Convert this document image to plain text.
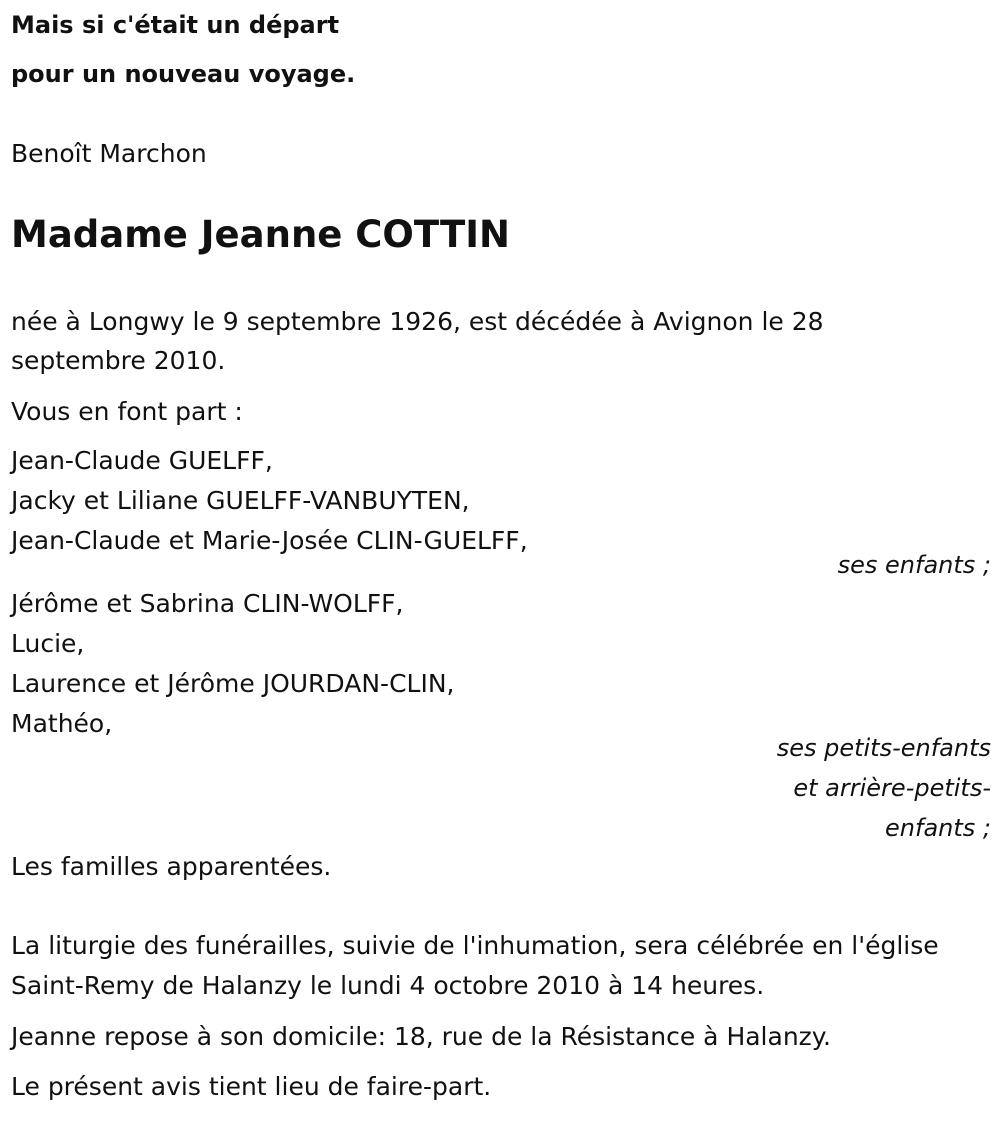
Mais si c'était un départ
pour un nouveau voyage.
Benoît Marchon
Madame Jeanne COTTIN
née à Longwy le 9 septembre 1926, est décédée à Avignon le 28
septembre 2010.
Vous en font part :
Jean-Claude GUELFF,
Jacky et Liliane GUELFF-VANBUYTEN,
Jean-Claude et Marie-Josée CLIN-GUELFF,
ses enfants ;
Jérôme et Sabrina CLIN-WOLFF,
Lucie,
Laurence et Jérôme JOURDAN-CLIN,
Mathéo,
ses petits-enfants
et arrière-petits-
enfants ;
Les familles apparentées.
La liturgie des funérailles, suivie de l'inhumation, sera célébrée en l'église
Saint-Remy de Halanzy le lundi 4 octobre 2010 à 14 heures.
Jeanne repose à son domicile: 18, rue de la Résistance à Halanzy.
Le présent avis tient lieu de faire-part.
